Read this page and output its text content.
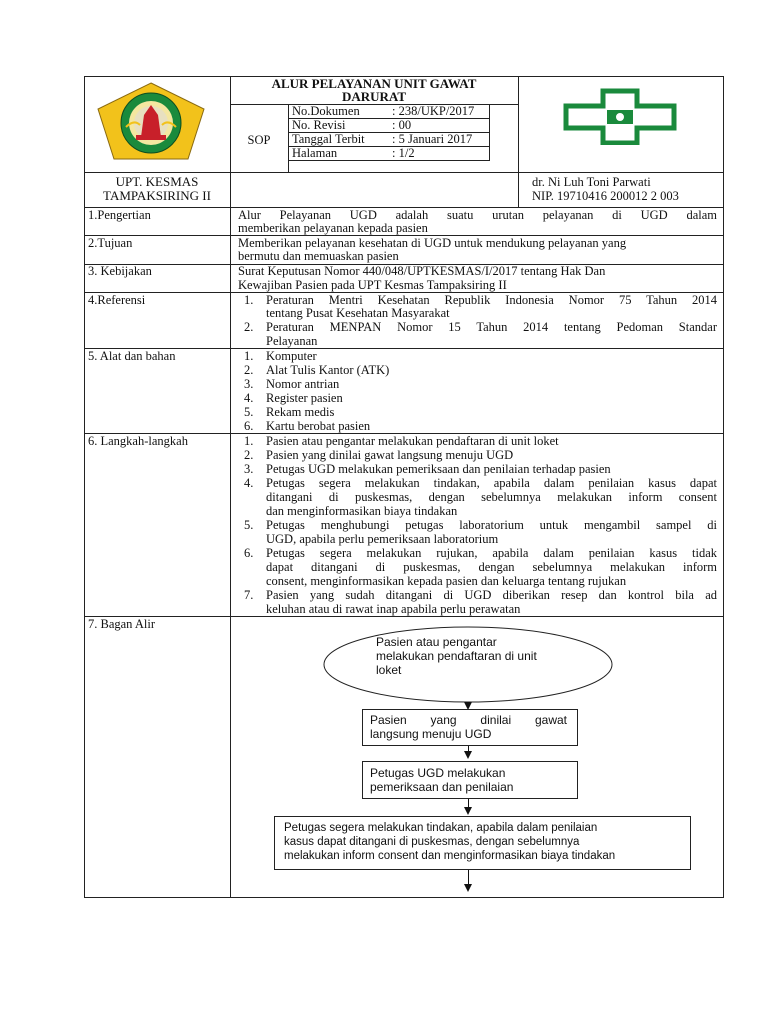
ALUR PELAYANAN UNIT GAWAT
DARURAT
SOP
No.Dokumen	: 238/UKP/2017
No. Revisi	: 00
Tanggal Terbit : 5 Januari 2017
Halaman	: 1/2
UPT. KESMAS
TAMPAKSIRING II
dr. Ni Luh Toni Parwati
NIP. 19710416 200012 2 003
1.Pengertian	Alur Pelayanan UGD adalah suatu urutan pelayanan di UGD dalam
memberikan pelayanan kepada pasien
2.Tujuan	Memberikan pelayanan kesehatan di UGD untuk mendukung pelayanan yang
bermutu dan memuaskan pasien
3. Kebijakan	Surat Keputusan Nomor 440/048/UPTKESMAS/I/2017 tentang Hak Dan
Kewajiban Pasien pada UPT Kesmas Tampaksiring II
4.Referensi	1. Peraturan Mentri Kesehatan Republik Indonesia Nomor 75 Tahun 2014
tentang Pusat Kesehatan Masyarakat
2. Peraturan MENPAN Nomor 15 Tahun 2014 tentang Pedoman Standar
Pelayanan
5. Alat dan bahan	1. Komputer
2. Alat Tulis Kantor (ATK)
3. Nomor antrian
4. Register pasien
5. Rekam medis
6. Kartu berobat pasien
6. Langkah-langkah	1. Pasien atau pengantar melakukan pendaftaran di unit loket
2. Pasien yang dinilai gawat langsung menuju UGD
3. Petugas UGD melakukan pemeriksaan dan penilaian terhadap pasien
4. Petugas segera melakukan tindakan, apabila dalam penilaian kasus dapat
ditangani di puskesmas, dengan sebelumnya melakukan inform consent
dan menginformasikan biaya tindakan
5. Petugas menghubungi petugas laboratorium untuk mengambil sampel di
UGD, apabila perlu pemeriksaan laboratorium
6. Petugas segera melakukan rujukan, apabila dalam penilaian kasus tidak
dapat ditangani di puskesmas, dengan sebelumnya melakukan inform
consent, menginformasikan kepada pasien dan keluarga tentang rujukan
7. Pasien yang sudah ditangani di UGD diberikan resep dan kontrol bila ad
keluhan atau di rawat inap apabila perlu perawatan
7. Bagan Alir
Pasien atau pengantar
melakukan pendaftaran di unit
loket
Pasien yang dinilai gawat
langsung menuju UGD
Petugas UGD melakukan
pemeriksaan dan penilaian
Petugas segera melakukan tindakan, apabila dalam penilaian
kasus dapat ditangani di puskesmas, dengan sebelumnya
melakukan inform consent dan menginformasikan biaya tindakan
